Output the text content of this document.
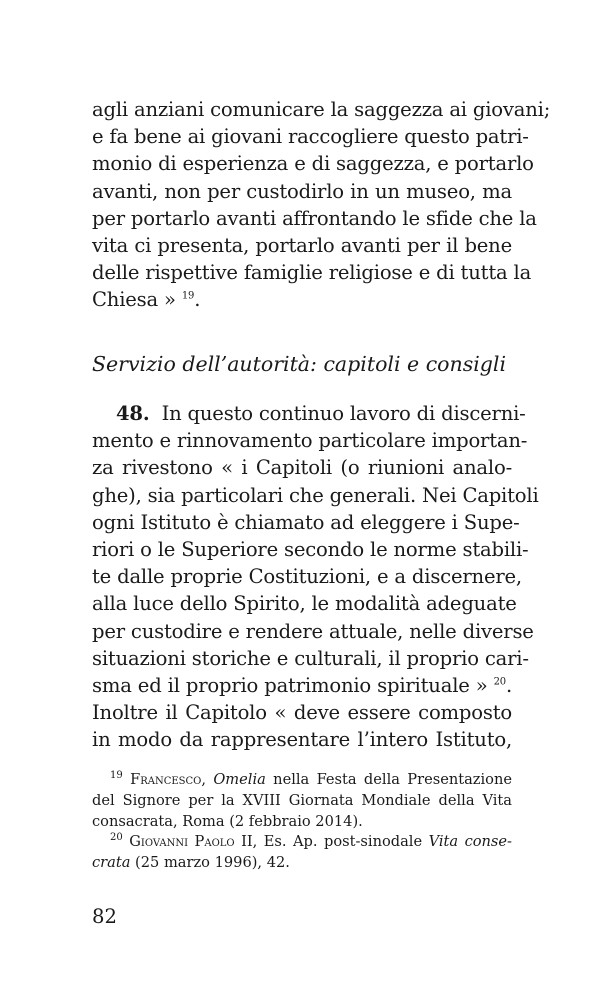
agli anziani comunicare la saggezza ai giovani;
e fa bene ai giovani raccogliere questo patri-
monio di esperienza e di saggezza, e portarlo
avanti, non per custodirlo in un museo, ma
per portarlo avanti affrontando le sfide che la
vita ci presenta, portarlo avanti per il bene
delle rispettive famiglie religiose e di tutta la
Chiesa » $^{19}$.
Servizio dell’autorità: capitoli e consigli
48. In questo continuo lavoro di discerni-
mento e rinnovamento particolare importan-
za rivestono « i Capitoli (o riunioni analo-
ghe), sia particolari che generali. Nei Capitoli
ogni Istituto è chiamato ad eleggere i Supe-
riori o le Superiore secondo le norme stabili-
te dalle proprie Costituzioni, e a discernere,
alla luce dello Spirito, le modalità adeguate
per custodire e rendere attuale, nelle diverse
situazioni storiche e culturali, il proprio cari-
sma ed il proprio patrimonio spirituale » $^{20}$.
Inoltre il Capitolo « deve essere composto
in modo da rappresentare l’intero Istituto,
$^{19}$ Francesco, Omelia nella Festa della Presentazione
del Signore per la XVIII Giornata Mondiale della Vita
consacrata, Roma (2 febbraio 2014).
$^{20}$ Giovanni Paolo II, Es. Ap. post-sinodale Vita conse-
crata (25 marzo 1996), 42.
82
